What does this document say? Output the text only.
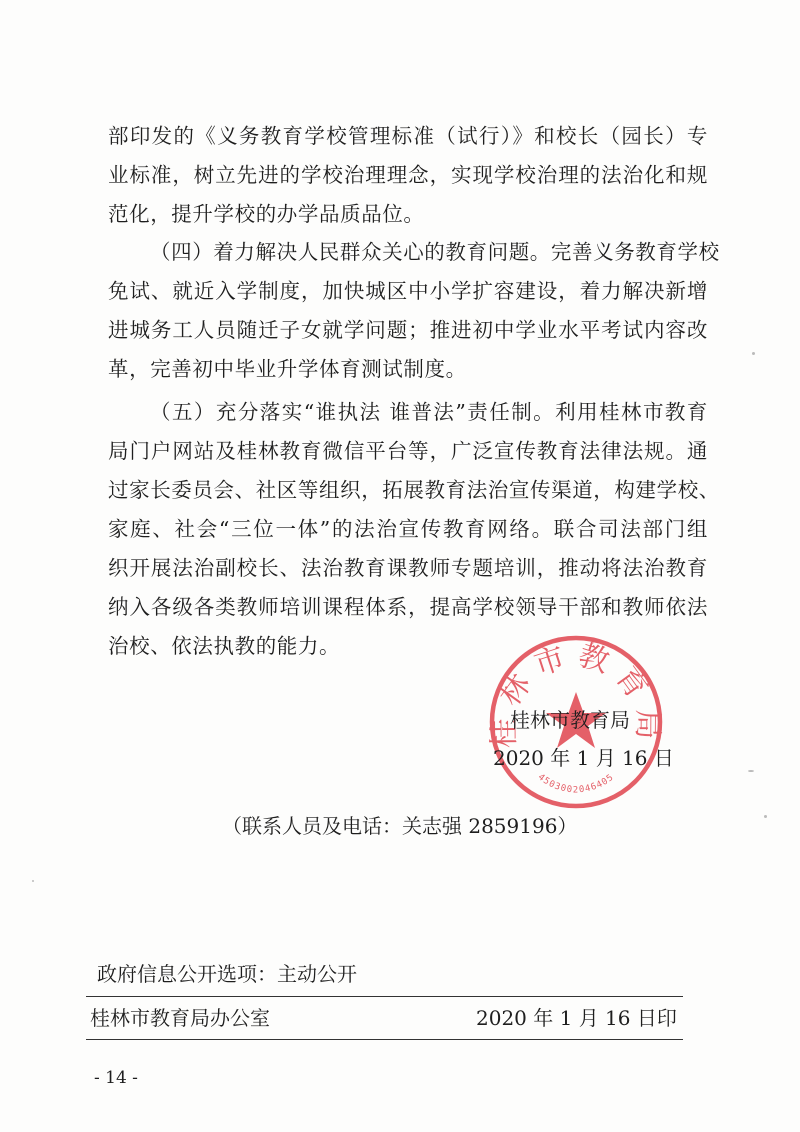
部印发的《义务教育学校管理标准（试行）》和校长（园长）专
业标准，树立先进的学校治理理念，实现学校治理的法治化和规
范化，提升学校的办学品质品位。
（四）着力解决人民群众关心的教育问题。完善义务教育学校
免试、就近入学制度，加快城区中小学扩容建设，着力解决新增
进城务工人员随迁子女就学问题；推进初中学业水平考试内容改
革，完善初中毕业升学体育测试制度。
（五）充分落实“谁执法 谁普法”责任制。利用桂林市教育
局门户网站及桂林教育微信平台等，广泛宣传教育法律法规。通
过家长委员会、社区等组织，拓展教育法治宣传渠道，构建学校、
家庭、社会“三位一体”的法治宣传教育网络。联合司法部门组
织开展法治副校长、法治教育课教师专题培训，推动将法治教育
纳入各级各类教师培训课程体系，提高学校领导干部和教师依法
治校、依法执教的能力。
桂林市教育局
4503002046405
桂林市教育局
2020 年 1 月 16 日
（联系人员及电话：关志强 2859196）
政府信息公开选项：主动公开
桂林市教育局办公室	2020 年 1 月 16 日印
- 14 -
